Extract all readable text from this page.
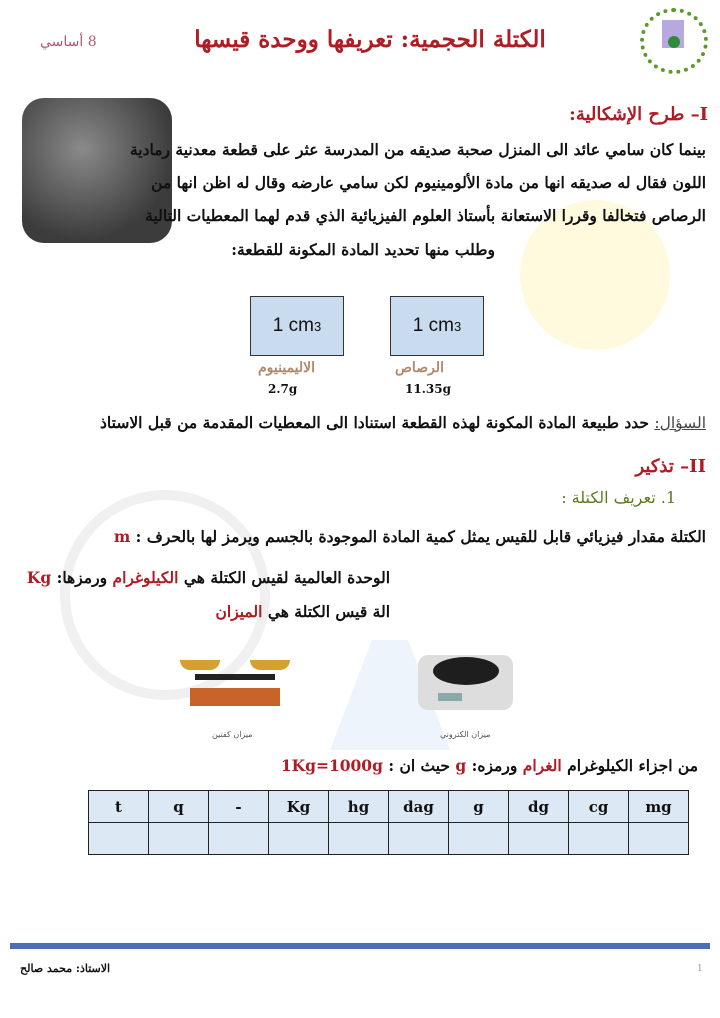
الكتلة الحجمية: تعريفها ووحدة قيسها
8 أساسي
I– طرح الإشكالية:
بينما كان سامي عائد الى المنزل صحبة صديقه من المدرسة عثر على قطعة معدنية رمادية
اللون فقال له صديقه انها من مادة الألومينيوم لكن سامي عارضه وقال له اظن انها من
الرصاص فتخالفا وقررا الاستعانة بأستاذ العلوم الفيزيائية الذي قدم لهما المعطيات التالية
وطلب منها تحديد المادة المكونة للقطعة:
1 cm 3	1 cm 3
الاليمينيوم
2.7g
الرصاص
11.35g
السؤال: حدد طبيعة المادة المكونة لهذه القطعة استنادا الى المعطيات المقدمة من قبل الاستاذ
II– تذكير
1. تعريف الكتلة :
الكتلة مقدار فيزيائي قابل للقيس يمثل كمية المادة الموجودة بالجسم ويرمز لها بالحرف : m
الوحدة العالمية لقيس الكتلة هي الكيلوغرام ورمزها: Kg
الة قيس الكتلة هي الميزان
ميزان كفتين	ميزان الكتروني
من اجزاء الكيلوغرام الغرام ورمزه: g حيث ان : 1Kg=1000g
t	q	-	Kg	hg	dag	g	dg	cg	mg

الاستاذ: محمد صالح	1
